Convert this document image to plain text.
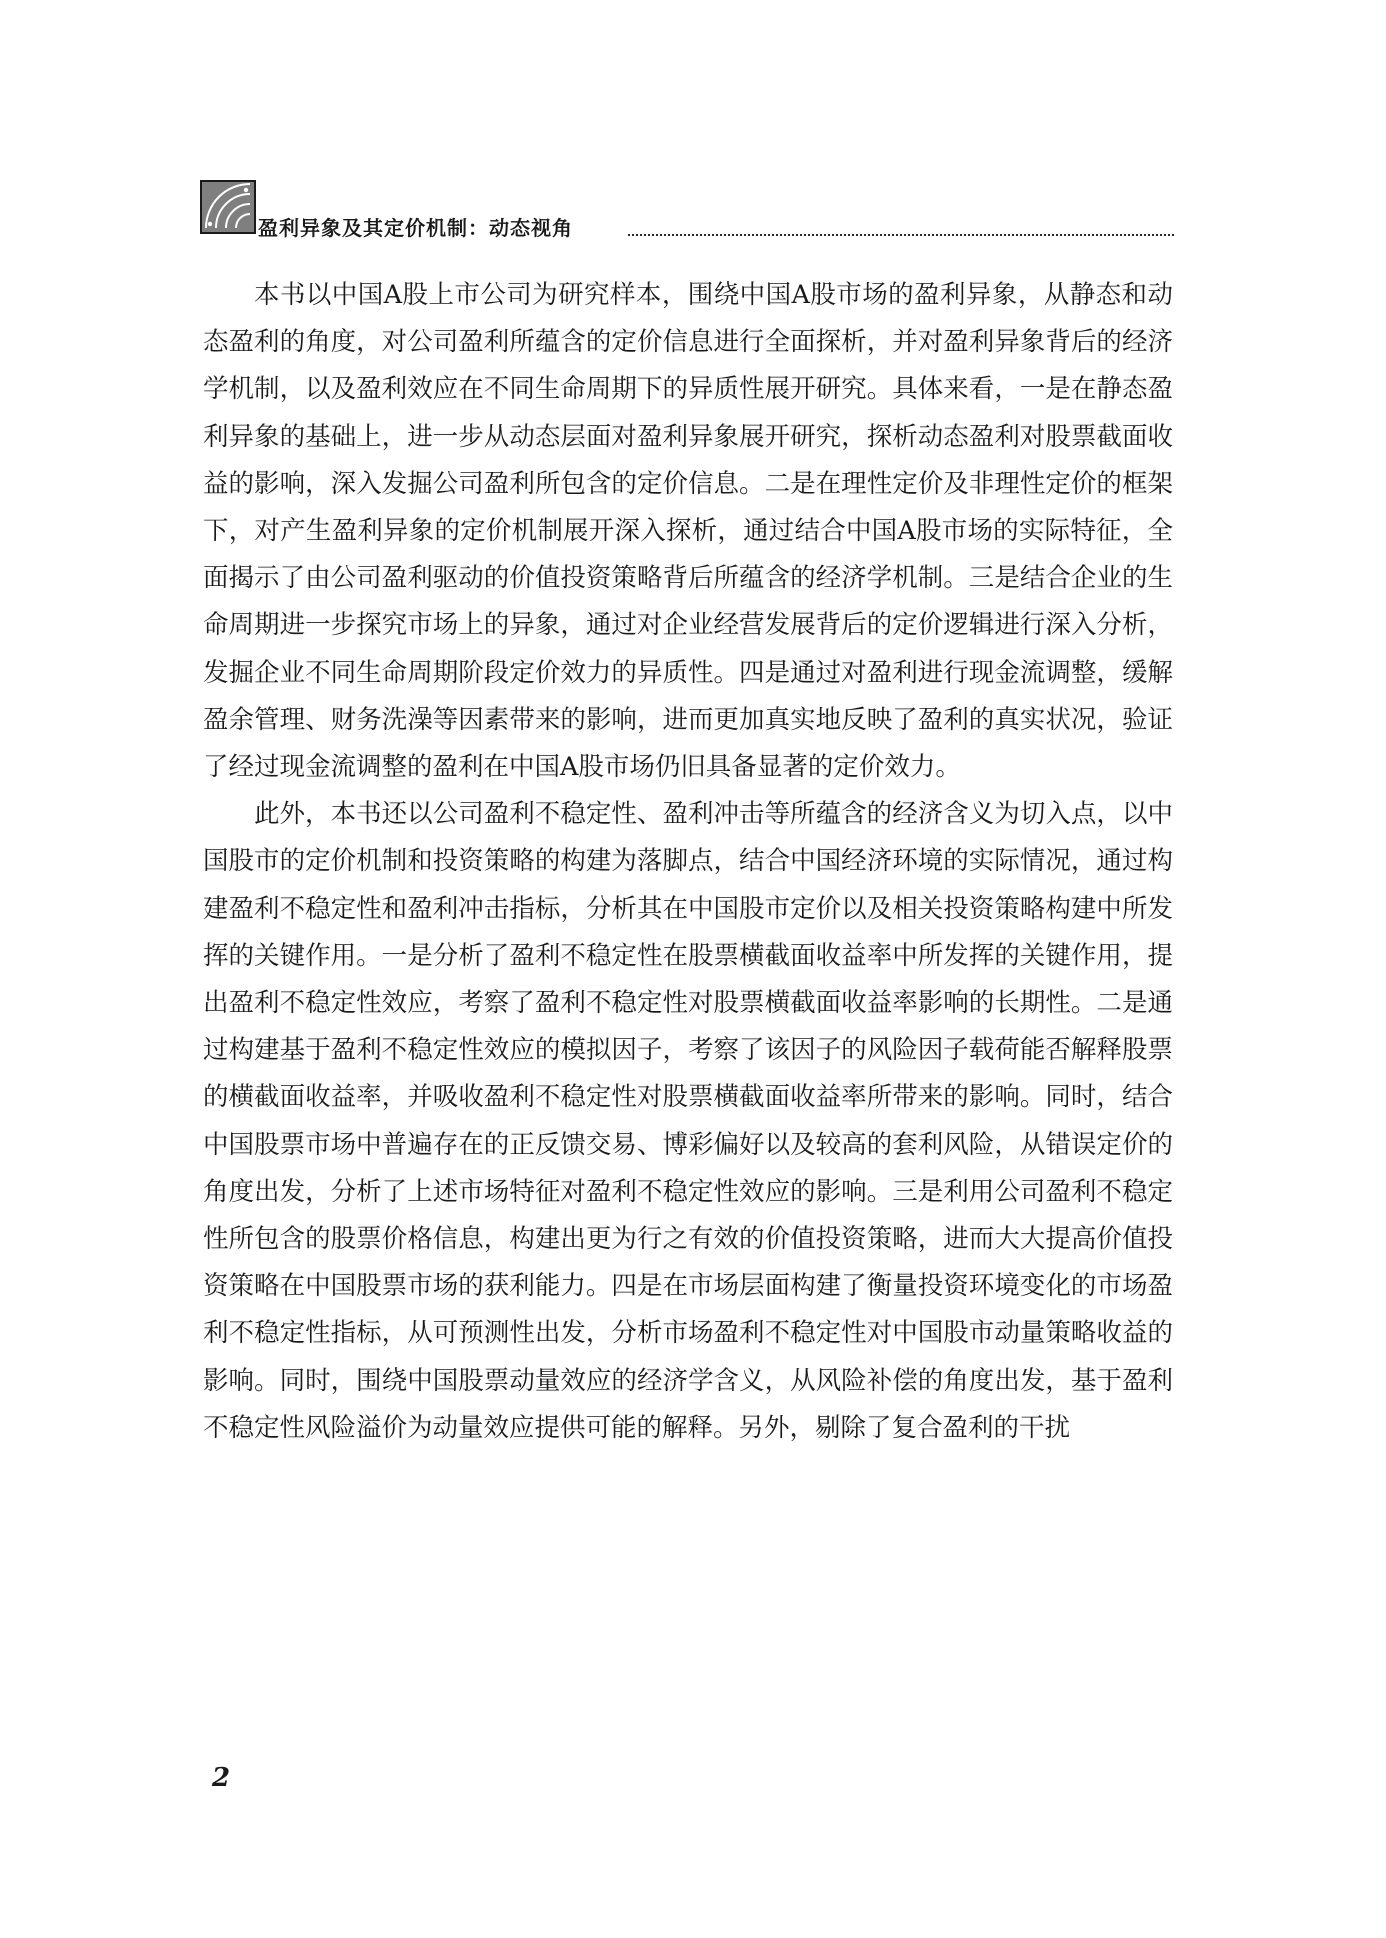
盈利异象及其定价机制：动态视角

本书以中国A股上市公司为研究样本，围绕中国A股市场的盈利异象，从静态和动态盈利的角度，对公司盈利所蕴含的定价信息进行全面探析，并对盈利异象背后的经济学机制，以及盈利效应在不同生命周期下的异质性展开研究。具体来看，一是在静态盈利异象的基础上，进一步从动态层面对盈利异象展开研究，探析动态盈利对股票截面收益的影响，深入发掘公司盈利所包含的定价信息。二是在理性定价及非理性定价的框架下，对产生盈利异象的定价机制展开深入探析，通过结合中国A股市场的实际特征，全面揭示了由公司盈利驱动的价值投资策略背后所蕴含的经济学机制。三是结合企业的生命周期进一步探究市场上的异象，通过对企业经营发展背后的定价逻辑进行深入分析，发掘企业不同生命周期阶段定价效力的异质性。四是通过对盈利进行现金流调整，缓解盈余管理、财务洗澡等因素带来的影响，进而更加真实地反映了盈利的真实状况，验证了经过现金流调整的盈利在中国A股市场仍旧具备显著的定价效力。

此外，本书还以公司盈利不稳定性、盈利冲击等所蕴含的经济含义为切入点，以中国股市的定价机制和投资策略的构建为落脚点，结合中国经济环境的实际情况，通过构建盈利不稳定性和盈利冲击指标，分析其在中国股市定价以及相关投资策略构建中所发挥的关键作用。一是分析了盈利不稳定性在股票横截面收益率中所发挥的关键作用，提出盈利不稳定性效应，考察了盈利不稳定性对股票横截面收益率影响的长期性。二是通过构建基于盈利不稳定性效应的模拟因子，考察了该因子的风险因子载荷能否解释股票的横截面收益率，并吸收盈利不稳定性对股票横截面收益率所带来的影响。同时，结合中国股票市场中普遍存在的正反馈交易、博彩偏好以及较高的套利风险，从错误定价的角度出发，分析了上述市场特征对盈利不稳定性效应的影响。三是利用公司盈利不稳定性所包含的股票价格信息，构建出更为行之有效的价值投资策略，进而大大提高价值投资策略在中国股票市场的获利能力。四是在市场层面构建了衡量投资环境变化的市场盈利不稳定性指标，从可预测性出发，分析市场盈利不稳定性对中国股市动量策略收益的影响。同时，围绕中国股票动量效应的经济学含义，从风险补偿的角度出发，基于盈利不稳定性风险溢价为动量效应提供可能的解释。另外，剔除了复合盈利的干扰

2
